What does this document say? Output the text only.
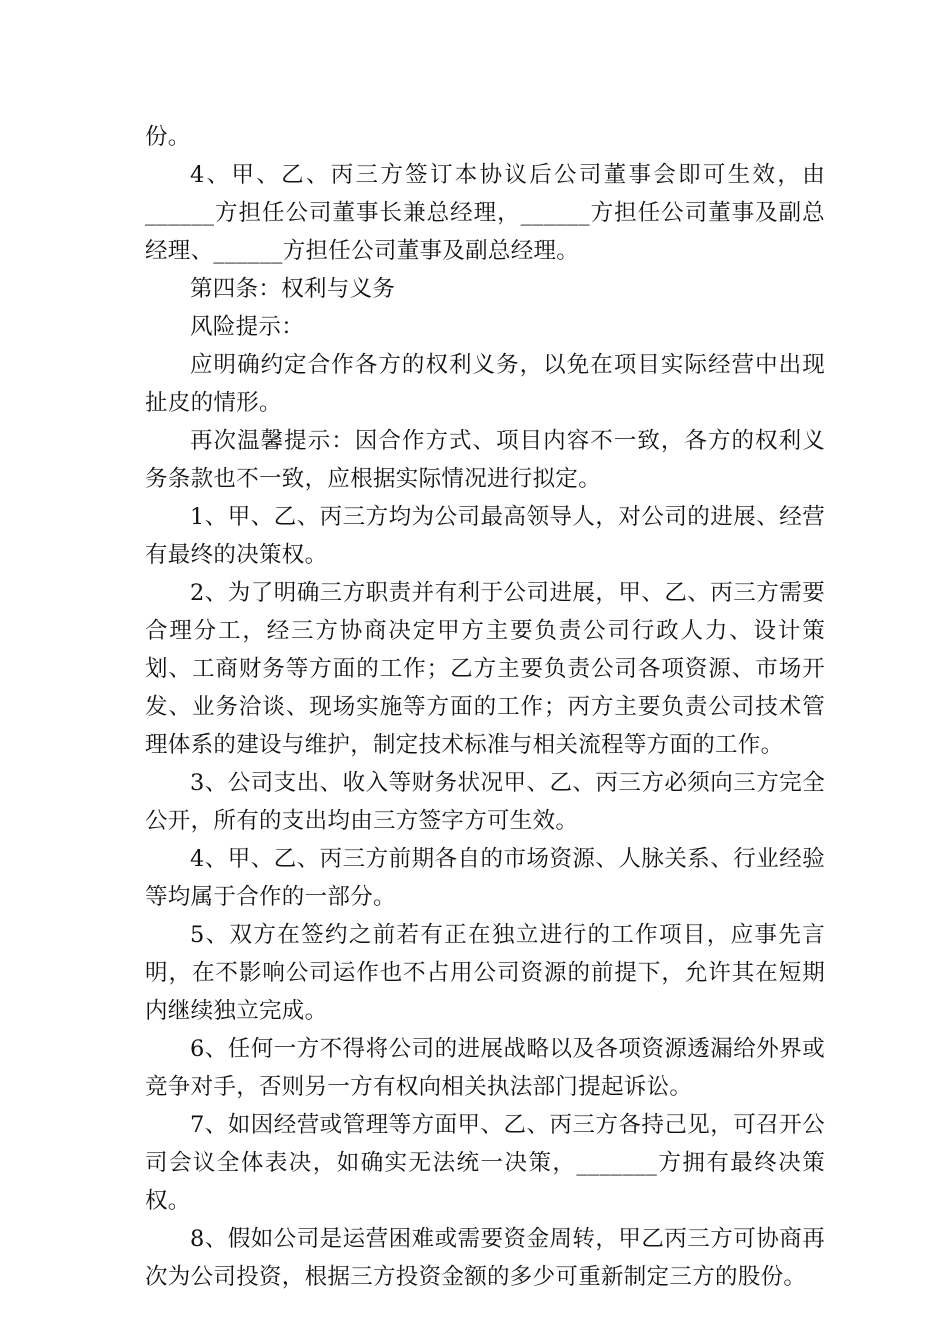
份。

4、甲、乙、丙三方签订本协议后公司董事会即可生效，由______方担任公司董事长兼总经理，______方担任公司董事及副总经理、______方担任公司董事及副总经理。

第四条：权利与义务

风险提示：

应明确约定合作各方的权利义务，以免在项目实际经营中出现扯皮的情形。

再次温馨提示：因合作方式、项目内容不一致，各方的权利义务条款也不一致，应根据实际情况进行拟定。

1、甲、乙、丙三方均为公司最高领导人，对公司的进展、经营有最终的决策权。

2、为了明确三方职责并有利于公司进展，甲、乙、丙三方需要合理分工，经三方协商决定甲方主要负责公司行政人力、设计策划、工商财务等方面的工作；乙方主要负责公司各项资源、市场开发、业务洽谈、现场实施等方面的工作；丙方主要负责公司技术管理体系的建设与维护，制定技术标准与相关流程等方面的工作。

3、公司支出、收入等财务状况甲、乙、丙三方必须向三方完全公开，所有的支出均由三方签字方可生效。

4、甲、乙、丙三方前期各自的市场资源、人脉关系、行业经验等均属于合作的一部分。

5、双方在签约之前若有正在独立进行的工作项目，应事先言明，在不影响公司运作也不占用公司资源的前提下，允许其在短期内继续独立完成。

6、任何一方不得将公司的进展战略以及各项资源透漏给外界或竞争对手，否则另一方有权向相关执法部门提起诉讼。

7、如因经营或管理等方面甲、乙、丙三方各持己见，可召开公司会议全体表决，如确实无法统一决策，_______方拥有最终决策权。

8、假如公司是运营困难或需要资金周转，甲乙丙三方可协商再次为公司投资，根据三方投资金额的多少可重新制定三方的股份。
